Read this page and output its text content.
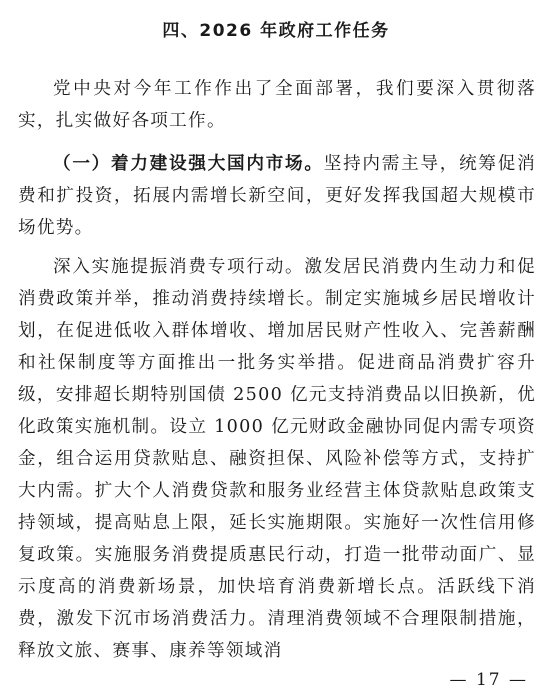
四、2026 年政府工作任务

党中央对今年工作作出了全面部署，我们要深入贯彻落实，扎实做好各项工作。

（一）着力建设强大国内市场。坚持内需主导，统筹促消费和扩投资，拓展内需增长新空间，更好发挥我国超大规模市场优势。

深入实施提振消费专项行动。激发居民消费内生动力和促消费政策并举，推动消费持续增长。制定实施城乡居民增收计划，在促进低收入群体增收、增加居民财产性收入、完善薪酬和社保制度等方面推出一批务实举措。促进商品消费扩容升级，安排超长期特别国债 2500 亿元支持消费品以旧换新，优化政策实施机制。设立 1000 亿元财政金融协同促内需专项资金，组合运用贷款贴息、融资担保、风险补偿等方式，支持扩大内需。扩大个人消费贷款和服务业经营主体贷款贴息政策支持领域，提高贴息上限，延长实施期限。实施好一次性信用修复政策。实施服务消费提质惠民行动，打造一批带动面广、显示度高的消费新场景，加快培育消费新增长点。活跃线下消费，激发下沉市场消费活力。清理消费领域不合理限制措施，释放文旅、赛事、康养等领域消

— 17 —
